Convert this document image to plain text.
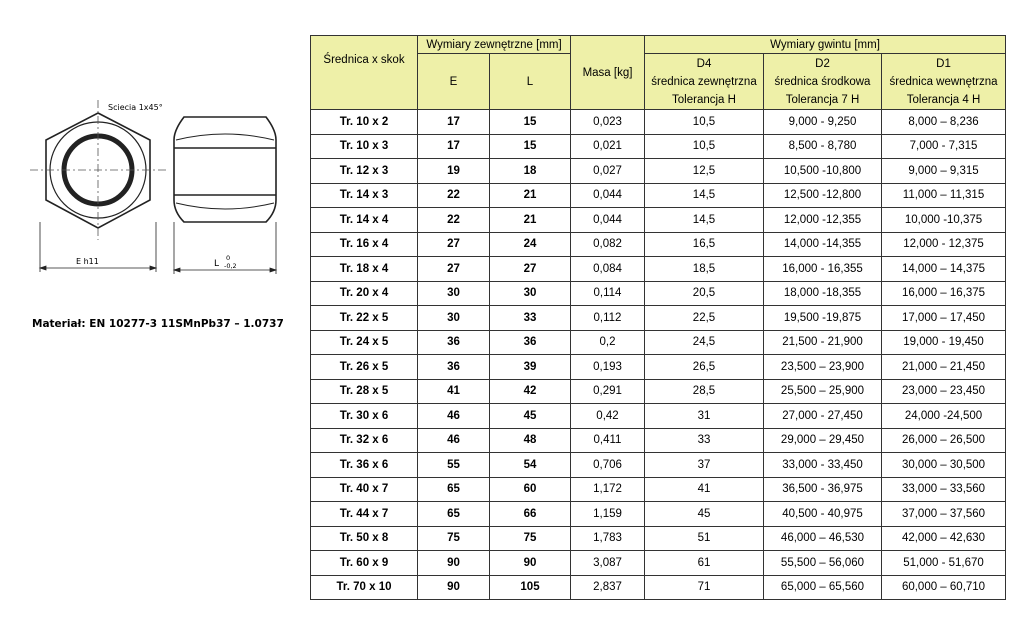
Sciecia 1x45°
E h11	L
0
-0,2
Materiał: EN 10277-3 11SMnPb37 – 1.0737
Średnica x skok	Wymiary zewnętrzne [mm]		Masa [kg]	Wymiary gwintu [mm]		
	E	L		D4
średnica zewnętrzna
Tolerancja H	D2
średnica środkowa
Tolerancja 7 H	D1
średnica wewnętrzna
Tolerancja 4 H

Tr. 10 x 2	17	15	0,023	10,5	9,000 - 9,250	8,000 – 8,236
Tr. 10 x 3	17	15	0,021	10,5	8,500 - 8,780	7,000 - 7,315
Tr. 12 x 3	19	18	0,027	12,5	10,500 -10,800	9,000 – 9,315
Tr. 14 x 3	22	21	0,044	14,5	12,500 -12,800	11,000 – 11,315
Tr. 14 x 4	22	21	0,044	14,5	12,000 -12,355	10,000 -10,375
Tr. 16 x 4	27	24	0,082	16,5	14,000 -14,355	12,000 - 12,375
Tr. 18 x 4	27	27	0,084	18,5	16,000 - 16,355	14,000 – 14,375
Tr. 20 x 4	30	30	0,114	20,5	18,000 -18,355	16,000 – 16,375
Tr. 22 x 5	30	33	0,112	22,5	19,500 -19,875	17,000 – 17,450
Tr. 24 x 5	36	36	0,2	24,5	21,500 - 21,900	19,000 - 19,450
Tr. 26 x 5	36	39	0,193	26,5	23,500 – 23,900	21,000 – 21,450
Tr. 28 x 5	41	42	0,291	28,5	25,500 – 25,900	23,000 – 23,450
Tr. 30 x 6	46	45	0,42	31	27,000 - 27,450	24,000 -24,500
Tr. 32 x 6	46	48	0,411	33	29,000 – 29,450	26,000 – 26,500
Tr. 36 x 6	55	54	0,706	37	33,000 - 33,450	30,000 – 30,500
Tr. 40 x 7	65	60	1,172	41	36,500 - 36,975	33,000 – 33,560
Tr. 44 x 7	65	66	1,159	45	40,500 - 40,975	37,000 – 37,560
Tr. 50 x 8	75	75	1,783	51	46,000 – 46,530	42,000 – 42,630
Tr. 60 x 9	90	90	3,087	61	55,500 – 56,060	51,000 - 51,670
Tr. 70 x 10	90	105	2,837	71	65,000 – 65,560	60,000 – 60,710
